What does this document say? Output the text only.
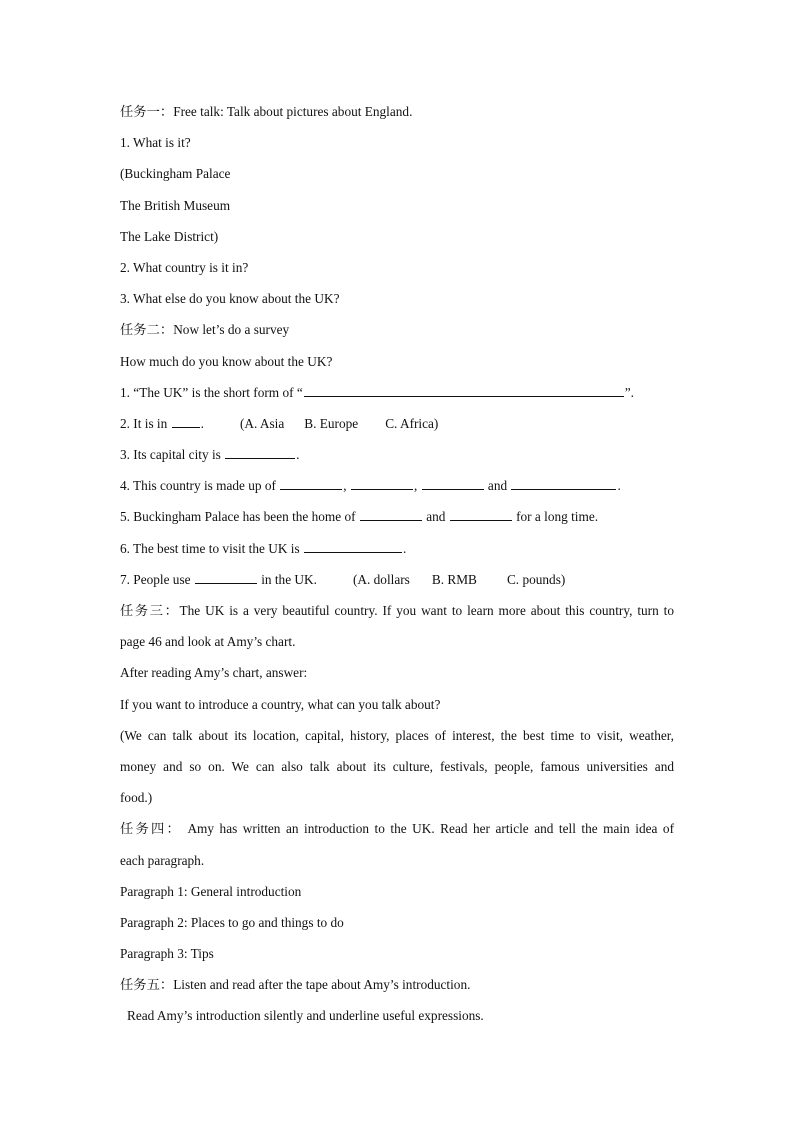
任务一：Free talk: Talk about pictures about England.
1. What is it?
(Buckingham Palace
The British Museum
The Lake District)
2. What country is it in?
3. What else do you know about the UK?
任务二：Now let’s do a survey
How much do you know about the UK?
1. “The UK” is the short form of “	”.
2. It is in .	(A. Asia B. Europe C. Africa)
3. Its capital city is	.
4. This country is made up of	,	,	and	.
5. Buckingham Palace has been the home of	and	for a long time.
6. The best time to visit the UK is	.
7. People use	in the UK.	(A. dollars B. RMB C. pounds)
任务三：The UK is a very beautiful country. If you want to learn more about this country, turn to
page 46 and look at Amy’s chart.
After reading Amy’s chart, answer:
If you want to introduce a country, what can you talk about?
(We can talk about its location, capital, history, places of interest, the best time to visit, weather,
money and so on. We can also talk about its culture, festivals, people, famous universities and
food.)
任务四： Amy has written an introduction to the UK. Read her article and tell the main idea of
each paragraph.
Paragraph 1: General introduction
Paragraph 2: Places to go and things to do
Paragraph 3: Tips
任务五：Listen and read after the tape about Amy’s introduction.
Read Amy’s introduction silently and underline useful expressions.
